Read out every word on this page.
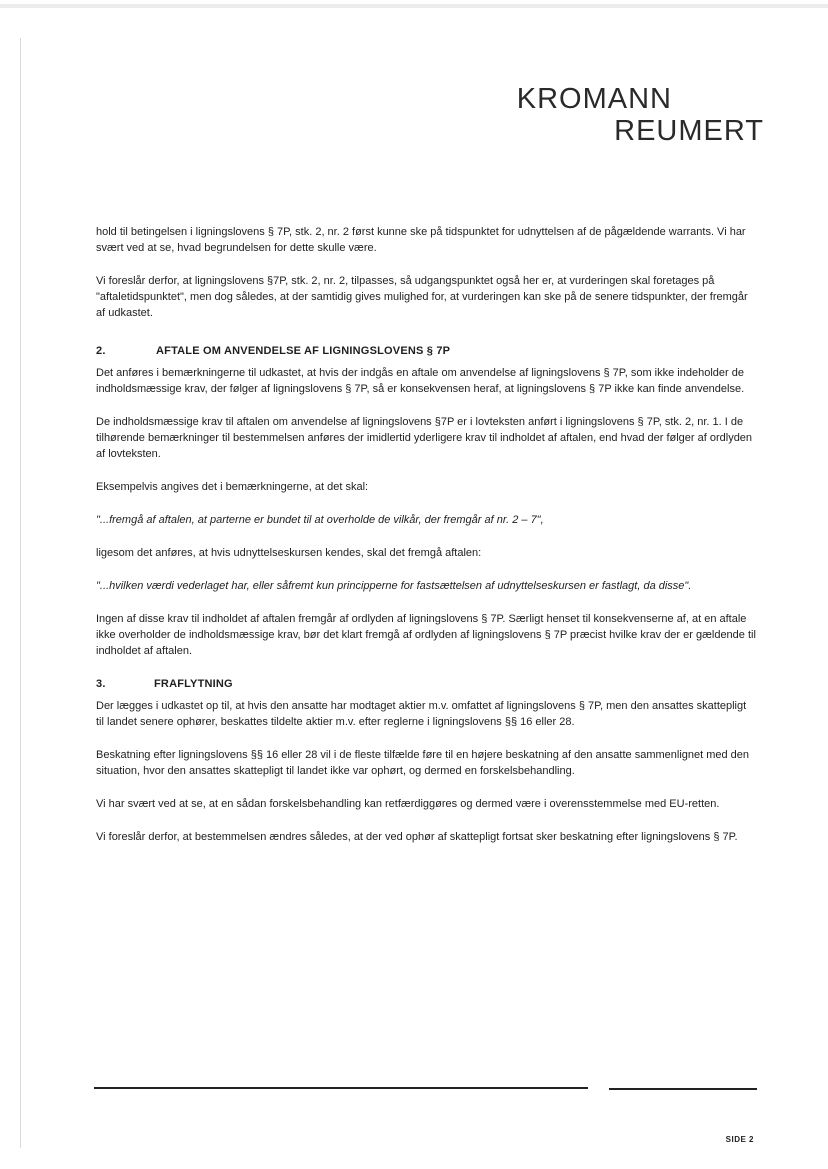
KROMANN
REUMERT

hold til betingelsen i ligningslovens § 7P, stk. 2, nr. 2 først kunne ske på tidspunktet for udnyttelsen af de pågældende warrants. Vi har svært ved at se, hvad begrundelsen for dette skulle være.

Vi foreslår derfor, at ligningslovens §7P, stk. 2, nr. 2, tilpasses, så udgangspunktet også her er, at vurderingen skal foretages på "aftaletidspunktet", men dog således, at der samtidig gives mulighed for, at vurderingen kan ske på de senere tidspunkter, der fremgår af udkastet.

2.	AFTALE OM ANVENDELSE AF LIGNINGSLOVENS § 7P

Det anføres i bemærkningerne til udkastet, at hvis der indgås en aftale om anvendelse af ligningslovens § 7P, som ikke indeholder de indholdsmæssige krav, der følger af ligningslovens § 7P, så er konsekvensen heraf, at ligningslovens § 7P ikke kan finde anvendelse.

De indholdsmæssige krav til aftalen om anvendelse af ligningslovens §7P er i lovteksten anført i ligningslovens § 7P, stk. 2, nr. 1. I de tilhørende bemærkninger til bestemmelsen anføres der imidlertid yderligere krav til indholdet af aftalen, end hvad der følger af ordlyden af lovteksten.

Eksempelvis angives det i bemærkningerne, at det skal:

"...fremgå af aftalen, at parterne er bundet til at overholde de vilkår, der fremgår af nr. 2 – 7",

ligesom det anføres, at hvis udnyttelseskursen kendes, skal det fremgå aftalen:

"...hvilken værdi vederlaget har, eller såfremt kun principperne for fastsættelsen af udnyttelseskursen er fastlagt, da disse".

Ingen af disse krav til indholdet af aftalen fremgår af ordlyden af ligningslovens § 7P. Særligt henset til konsekvenserne af, at en aftale ikke overholder de indholdsmæssige krav, bør det klart fremgå af ordlyden af ligningslovens § 7P præcist hvilke krav der er gældende til indholdet af aftalen.

3.	FRAFLYTNING

Der lægges i udkastet op til, at hvis den ansatte har modtaget aktier m.v. omfattet af ligningslovens § 7P, men den ansattes skattepligt til landet senere ophører, beskattes tildelte aktier m.v. efter reglerne i ligningslovens §§ 16 eller 28.

Beskatning efter ligningslovens §§ 16 eller 28 vil i de fleste tilfælde føre til en højere beskatning af den ansatte sammenlignet med den situation, hvor den ansattes skattepligt til landet ikke var ophørt, og dermed en forskelsbehandling.

Vi har svært ved at se, at en sådan forskelsbehandling kan retfærdiggøres og dermed være i overensstemmelse med EU-retten.

Vi foreslår derfor, at bestemmelsen ændres således, at der ved ophør af skattepligt fortsat sker beskatning efter ligningslovens § 7P.

SIDE 2
